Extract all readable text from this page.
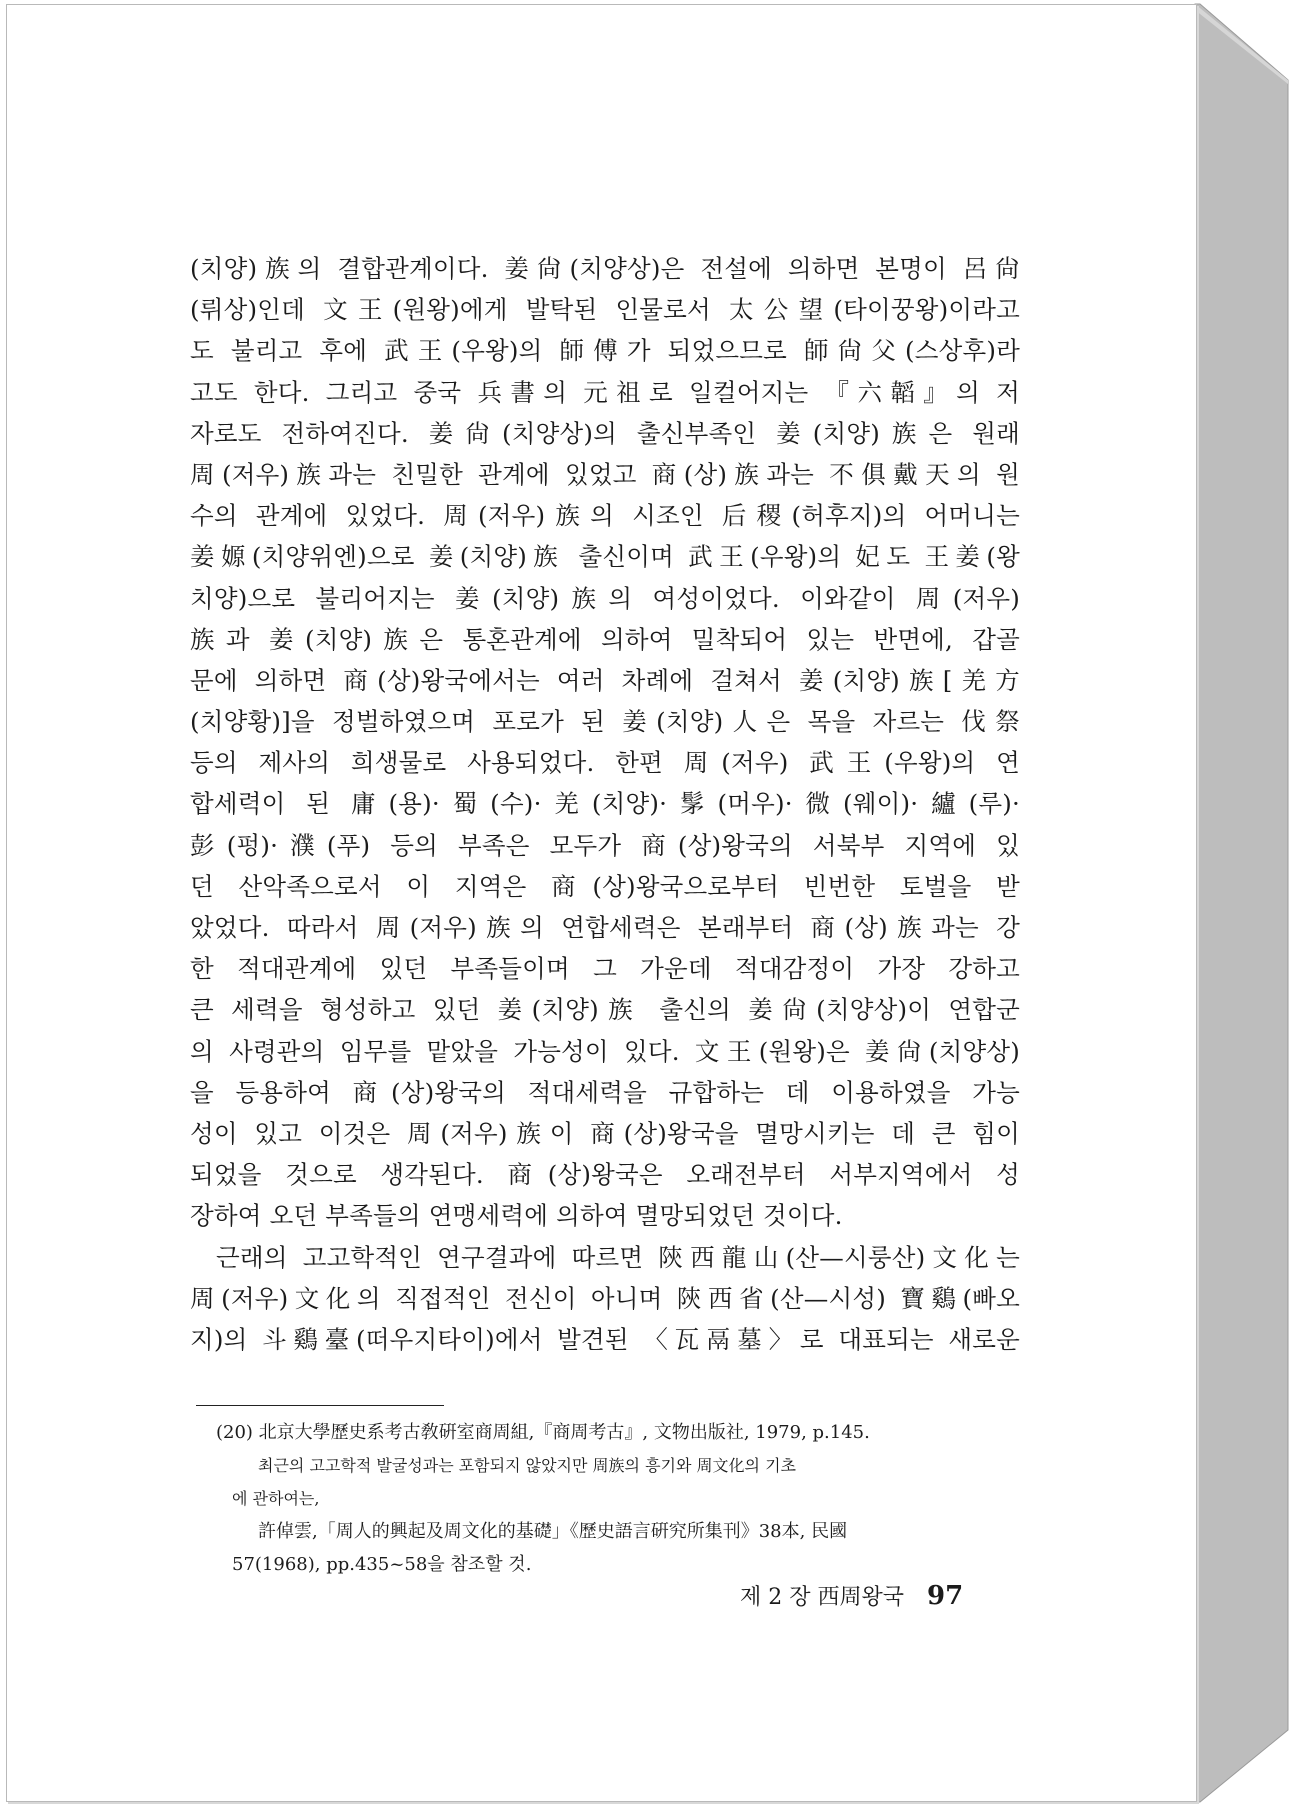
(치양)族의 결합관계이다. 姜尙(치양상)은 전설에 의하면 본명이 呂尙
(뤼상)인데 文王(원왕)에게 발탁된 인물로서 太公望(타이꿍왕)이라고
도 불리고 후에 武王(우왕)의 師傅가 되었으므로 師尙父(스상후)라
고도 한다. 그리고 중국 兵書의 元祖로 일컬어지는 『六韜』의 저
자로도 전하여진다. 姜尙(치양상)의 출신부족인 姜(치양)族은 원래
周(저우)族과는 친밀한 관계에 있었고 商(상)族과는 不俱戴天의 원
수의 관계에 있었다. 周(저우)族의 시조인 后稷(허후지)의 어머니는
姜嫄(치양위엔)으로 姜(치양)族 출신이며 武王(우왕)의 妃도 王姜(왕
치양)으로 불리어지는 姜(치양)族의 여성이었다. 이와같이 周(저우)
族과 姜(치양)族은 통혼관계에 의하여 밀착되어 있는 반면에, 갑골
문에 의하면 商(상)왕국에서는 여러 차례에 걸쳐서 姜(치양)族[羌方
(치양황)]을 정벌하였으며 포로가 된 姜(치양)人은 목을 자르는 伐祭
등의 제사의 희생물로 사용되었다. 한편 周(저우) 武王(우왕)의 연
합세력이 된 庸(용)·蜀(수)·羌(치양)·髳(머우)·微(웨이)·纑(루)·
彭(펑)·濮(푸) 등의 부족은 모두가 商(상)왕국의 서북부 지역에 있
던 산악족으로서 이 지역은 商(상)왕국으로부터 빈번한 토벌을 받
았었다. 따라서 周(저우)族의 연합세력은 본래부터 商(상)族과는 강
한 적대관계에 있던 부족들이며 그 가운데 적대감정이 가장 강하고
큰 세력을 형성하고 있던 姜(치양)族 출신의 姜尙(치양상)이 연합군
의 사령관의 임무를 맡았을 가능성이 있다. 文王(원왕)은 姜尙(치양상)
을 등용하여 商(상)왕국의 적대세력을 규합하는 데 이용하였을 가능
성이 있고 이것은 周(저우)族이 商(상)왕국을 멸망시키는 데 큰 힘이
되었을 것으로 생각된다. 商(상)왕국은 오래전부터 서부지역에서 성
장하여 오던 부족들의 연맹세력에 의하여 멸망되었던 것이다.
근래의 고고학적인 연구결과에 따르면 陝西龍山(산—시룽산)文化는
周(저우)文化의 직접적인 전신이 아니며 陝西省(산—시성) 寶鷄(빠오
지)의 斗鷄臺(떠우지타이)에서 발견된 〈瓦鬲墓〉로 대표되는 새로운
(20) 北京大學歷史系考古敎硏室商周組,『商周考古』, 文物出版社, 1979, p.145.
최근의 고고학적 발굴성과는 포함되지 않았지만 周族의 흥기와 周文化의 기초
에 관하여는,
許倬雲,「周人的興起及周文化的基礎」《歷史語言硏究所集刊》38本, 民國
57(1968), pp.435~58을 참조할 것.
제 2 장 西周왕국 97
